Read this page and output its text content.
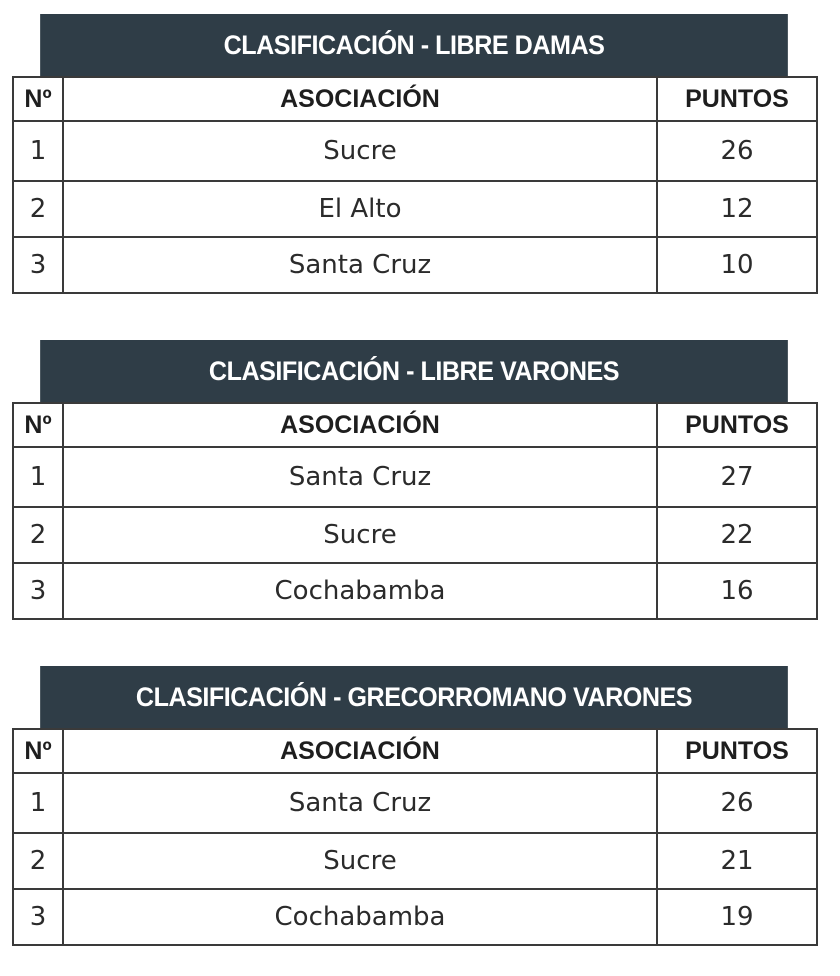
CLASIFICACIÓN - LIBRE DAMAS
Nº	ASOCIACIÓN	PUNTOS
1	Sucre	26
2	El Alto	12
3	Santa Cruz	10
CLASIFICACIÓN - LIBRE VARONES
Nº	ASOCIACIÓN	PUNTOS
1	Santa Cruz	27
2	Sucre	22
3	Cochabamba	16
CLASIFICACIÓN - GRECORROMANO VARONES
Nº	ASOCIACIÓN	PUNTOS
1	Santa Cruz	26
2	Sucre	21
3	Cochabamba	19
